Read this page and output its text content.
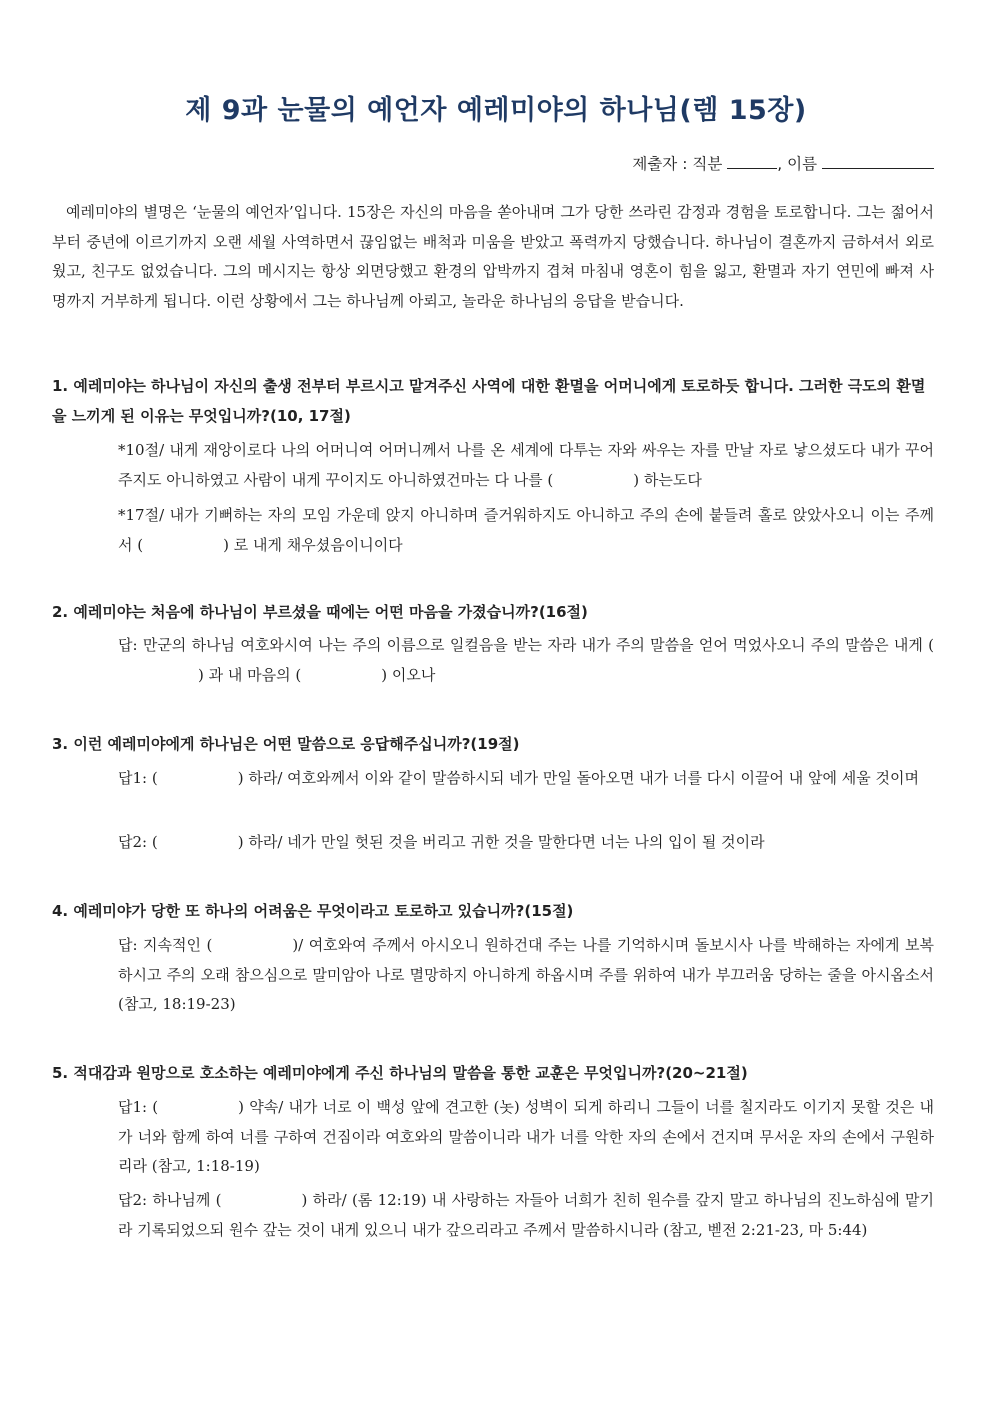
제 9과 눈물의 예언자 예레미야의 하나님(렘 15장)
제출자 : 직분	, 이름
예레미야의 별명은 ‘눈물의 예언자’입니다. 15장은 자신의 마음을 쏟아내며 그가 당한 쓰라린 감정과 경험을 토로합니다. 그는 젊어서부터 중년에 이르기까지 오랜 세월 사역하면서 끊임없는 배척과 미움을 받았고 폭력까지 당했습니다. 하나님이 결혼까지 금하셔서 외로웠고, 친구도 없었습니다. 그의 메시지는 항상 외면당했고 환경의 압박까지 겹쳐 마침내 영혼이 힘을 잃고, 환멸과 자기 연민에 빠져 사명까지 거부하게 됩니다. 이런 상황에서 그는 하나님께 아뢰고, 놀라운 하나님의 응답을 받습니다.
1. 예레미야는 하나님이 자신의 출생 전부터 부르시고 맡겨주신 사역에 대한 환멸을 어머니에게 토로하듯 합니다. 그러한 극도의 환멸을 느끼게 된 이유는 무엇입니까?(10, 17절)
*10절/ 내게 재앙이로다 나의 어머니여 어머니께서 나를 온 세계에 다투는 자와 싸우는 자를 만날 자로 낳으셨도다 내가 꾸어 주지도 아니하였고 사람이 내게 꾸이지도 아니하였건마는 다 나를 (	) 하는도다
*17절/ 내가 기뻐하는 자의 모임 가운데 앉지 아니하며 즐거워하지도 아니하고 주의 손에 붙들려 홀로 앉았사오니 이는 주께서 (	) 로 내게 채우셨음이니이다
2. 예레미야는 처음에 하나님이 부르셨을 때에는 어떤 마음을 가졌습니까?(16절)
답: 만군의 하나님 여호와시여 나는 주의 이름으로 일컬음을 받는 자라 내가 주의 말씀을 얻어 먹었사오니 주의 말씀은 내게 () 과 내 마음의 (	) 이오나
3. 이런 예레미야에게 하나님은 어떤 말씀으로 응답해주십니까?(19절)
답1: (	) 하라/ 여호와께서 이와 같이 말씀하시되 네가 만일 돌아오면 내가 너를 다시 이끌어 내 앞에 세울 것이며
답2: (	) 하라/ 네가 만일 헛된 것을 버리고 귀한 것을 말한다면 너는 나의 입이 될 것이라
4. 예레미야가 당한 또 하나의 어려움은 무엇이라고 토로하고 있습니까?(15절)
답: 지속적인 (	)/ 여호와여 주께서 아시오니 원하건대 주는 나를 기억하시며 돌보시사 나를 박해하는 자에게 보복하시고 주의 오래 참으심으로 말미암아 나로 멸망하지 아니하게 하옵시며 주를 위하여 내가 부끄러움 당하는 줄을 아시옵소서 (참고, 18:19-23)
5. 적대감과 원망으로 호소하는 예레미야에게 주신 하나님의 말씀을 통한 교훈은 무엇입니까?(20~21절)
답1: (	) 약속/ 내가 너로 이 백성 앞에 견고한 (놋) 성벽이 되게 하리니 그들이 너를 칠지라도 이기지 못할 것은 내가 너와 함께 하여 너를 구하여 건짐이라 여호와의 말씀이니라 내가 너를 악한 자의 손에서 건지며 무서운 자의 손에서 구원하리라 (참고, 1:18-19)
답2: 하나님께 (	) 하라/ (롬 12:19) 내 사랑하는 자들아 너희가 친히 원수를 갚지 말고 하나님의 진노하심에 맡기라 기록되었으되 원수 갚는 것이 내게 있으니 내가 갚으리라고 주께서 말씀하시니라 (참고, 벧전 2:21-23, 마 5:44)
